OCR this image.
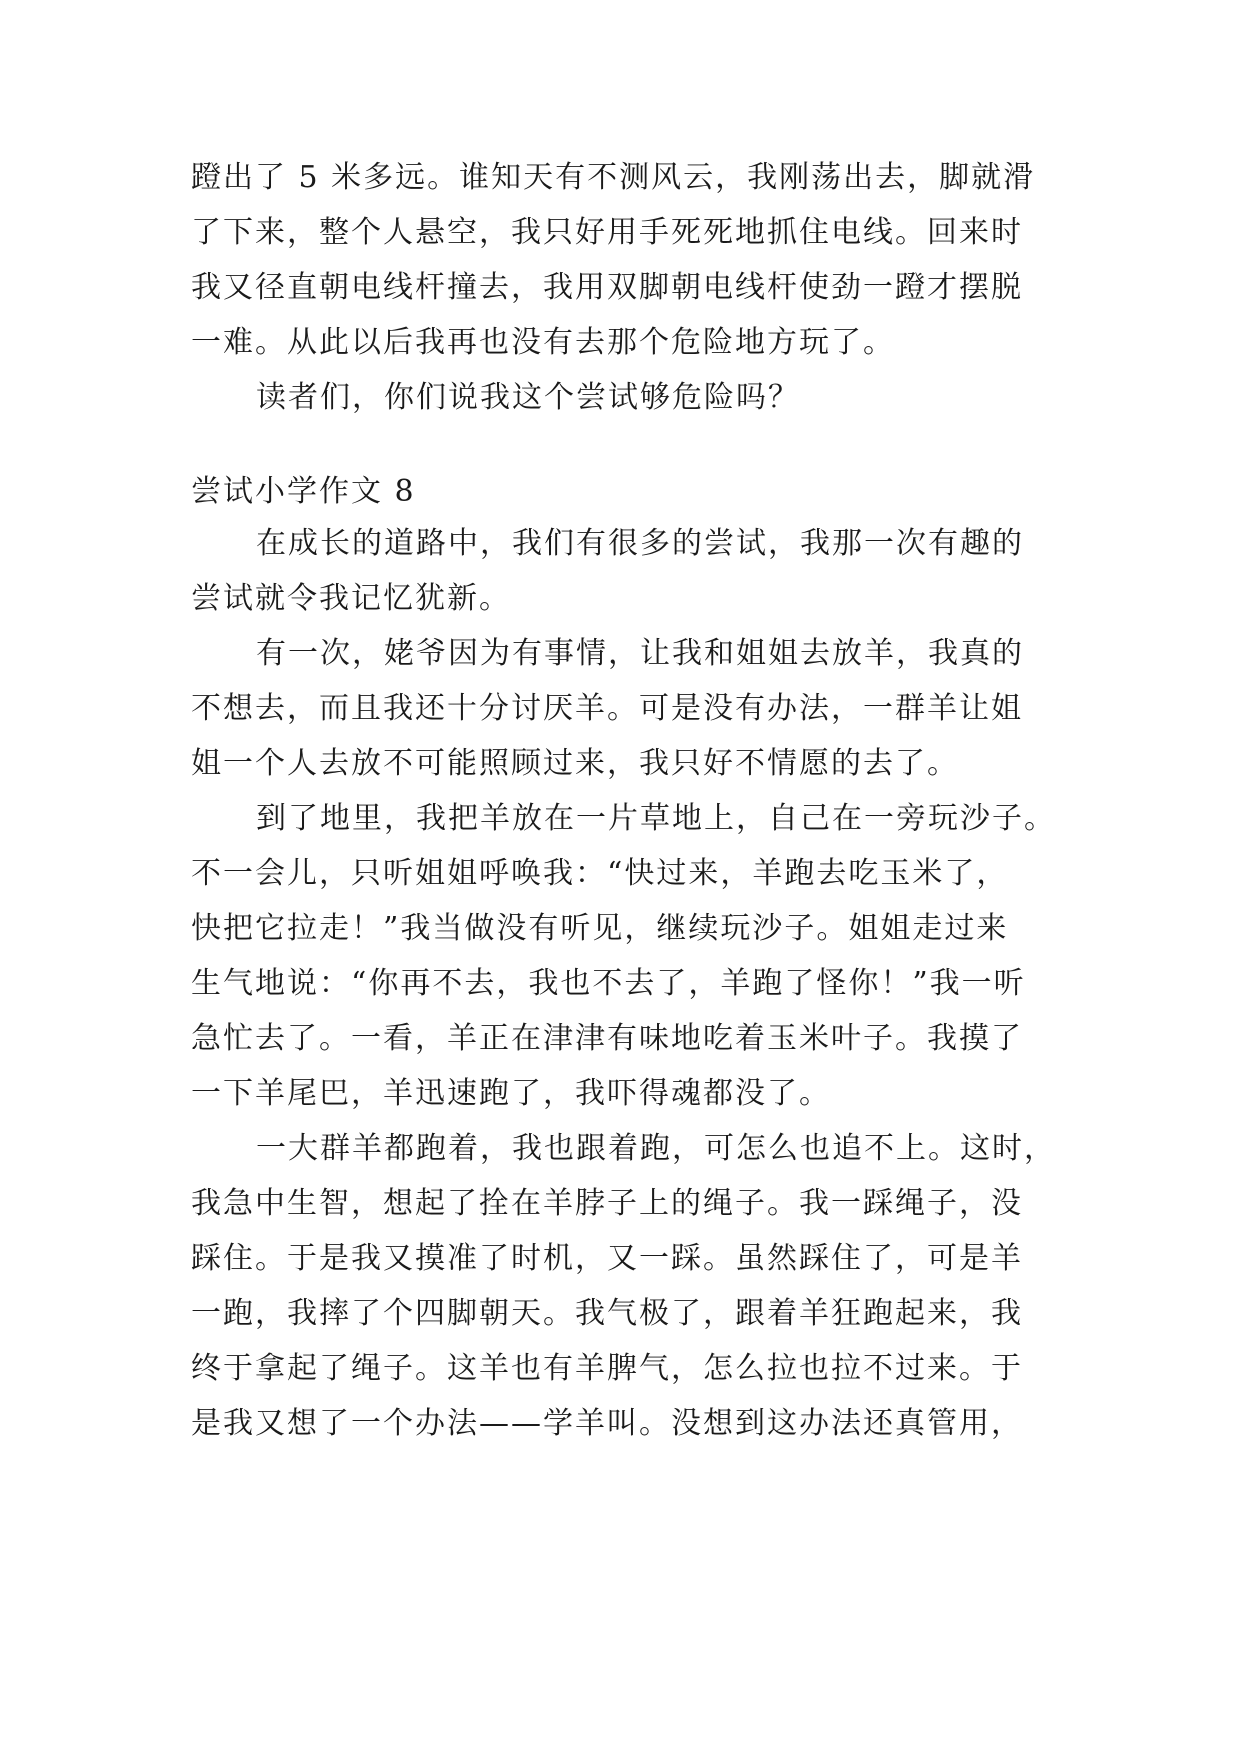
蹬出了 5 米多远。谁知天有不测风云，我刚荡出去，脚就滑
了下来，整个人悬空，我只好用手死死地抓住电线。回来时
我又径直朝电线杆撞去，我用双脚朝电线杆使劲一蹬才摆脱
一难。从此以后我再也没有去那个危险地方玩了。
读者们，你们说我这个尝试够危险吗？
尝试小学作文 8
在成长的道路中，我们有很多的尝试，我那一次有趣的
尝试就令我记忆犹新。
有一次，姥爷因为有事情，让我和姐姐去放羊，我真的
不想去，而且我还十分讨厌羊。可是没有办法，一群羊让姐
姐一个人去放不可能照顾过来，我只好不情愿的去了。
到了地里，我把羊放在一片草地上，自己在一旁玩沙子。
不一会儿，只听姐姐呼唤我：“快过来，羊跑去吃玉米了，
快把它拉走！”我当做没有听见，继续玩沙子。姐姐走过来
生气地说：“你再不去，我也不去了，羊跑了怪你！”我一听
急忙去了。一看，羊正在津津有味地吃着玉米叶子。我摸了
一下羊尾巴，羊迅速跑了，我吓得魂都没了。
一大群羊都跑着，我也跟着跑，可怎么也追不上。这时，
我急中生智，想起了拴在羊脖子上的绳子。我一踩绳子，没
踩住。于是我又摸准了时机，又一踩。虽然踩住了，可是羊
一跑，我摔了个四脚朝天。我气极了，跟着羊狂跑起来，我
终于拿起了绳子。这羊也有羊脾气，怎么拉也拉不过来。于
是我又想了一个办法——学羊叫。没想到这办法还真管用，
